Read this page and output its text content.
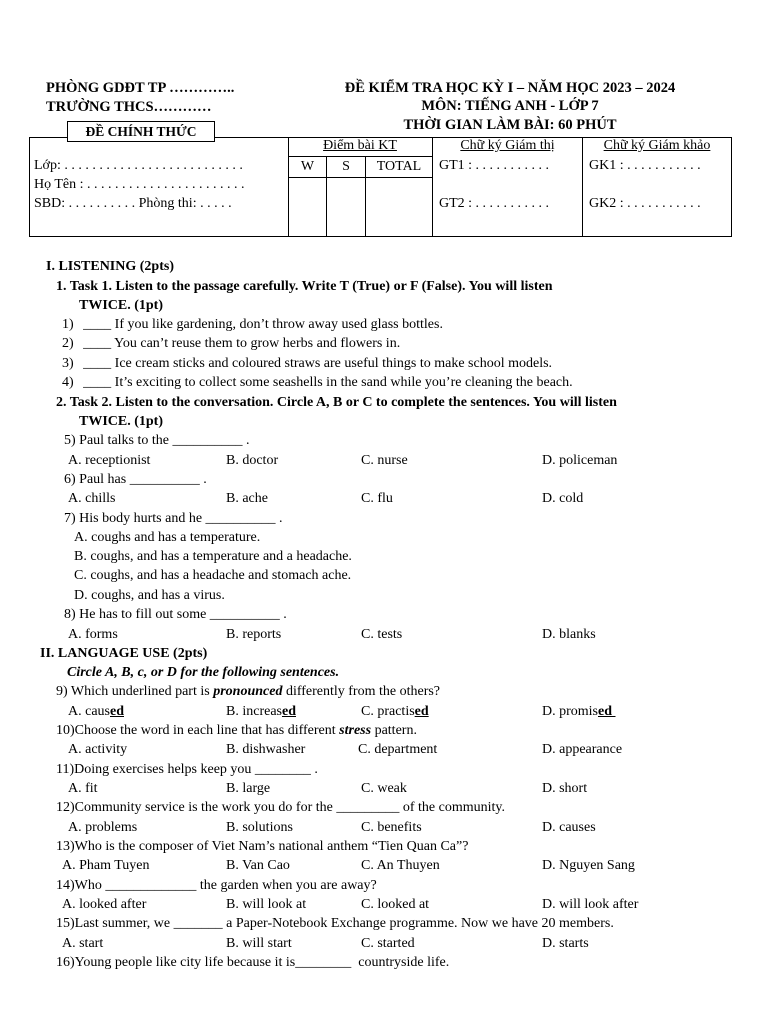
PHÒNG GDĐT TP …………..
TRƯỜNG THCS…………
ĐỀ KIỂM TRA HỌC KỲ I – NĂM HỌC 2023 – 2024
MÔN: TIẾNG ANH - LỚP 7
THỜI GIAN LÀM BÀI: 60 PHÚT
ĐỀ CHÍNH THỨC
Lớp: . . . . . . . . . . . . . . . . . . . . . . . . . .
Họ Tên : . . . . . . . . . . . . . . . . . . . . . . .
SBD: . . . . . . . . . . Phòng thi: . . . . .
Điểm bài KT
W	S	TOTAL
Chữ ký Giám thị
GT1 : . . . . . . . . . . .
GT2 : . . . . . . . . . . .
Chữ ký Giám khảo
GK1 : . . . . . . . . . . .
GK2 : . . . . . . . . . . .
I. LISTENING (2pts)
1. Task 1. Listen to the passage carefully. Write T (True) or F (False). You will listen
TWICE. (1pt)
1) ____ If you like gardening, don’t throw away used glass bottles.
2) ____ You can’t reuse them to grow herbs and flowers in.
3) ____ Ice cream sticks and coloured straws are useful things to make school models.
4) ____ It’s exciting to collect some seashells in the sand while you’re cleaning the beach.
2. Task 2. Listen to the conversation. Circle A, B or C to complete the sentences. You will listen
TWICE. (1pt)
5) Paul talks to the __________ .
A. receptionist	B. doctor	C. nurse	D. policeman
6) Paul has __________ .
A. chills	B. ache	C. flu	D. cold
7) His body hurts and he __________ .
A. coughs and has a temperature.
B. coughs, and has a temperature and a headache.
C. coughs, and has a headache and stomach ache.
D. coughs, and has a virus.
8) He has to fill out some __________ .
A. forms	B. reports	C. tests	D. blanks
II. LANGUAGE USE (2pts)
Circle A, B, c, or D for the following sentences.
9) Which underlined part is pronounced differently from the others?
A. caused	B. increased	C. practised	D. promised
10)Choose the word in each line that has different stress pattern.
A. activity	B. dishwasher	C. department	D. appearance
11)Doing exercises helps keep you ________ .
A. fit	B. large	C. weak	D. short
12)Community service is the work you do for the _________ of the community.
A. problems	B. solutions	C. benefits	D. causes
13)Who is the composer of Viet Nam’s national anthem “Tien Quan Ca”?
A. Pham Tuyen	B. Van Cao	C. An Thuyen	D. Nguyen Sang
14)Who _____________ the garden when you are away?
A. looked after	B. will look at	C. looked at	D. will look after
15)Last summer, we _______ a Paper-Notebook Exchange programme. Now we have 20 members.
A. start	B. will start	C. started	D. starts
16)Young people like city life because it is________  countryside life.
